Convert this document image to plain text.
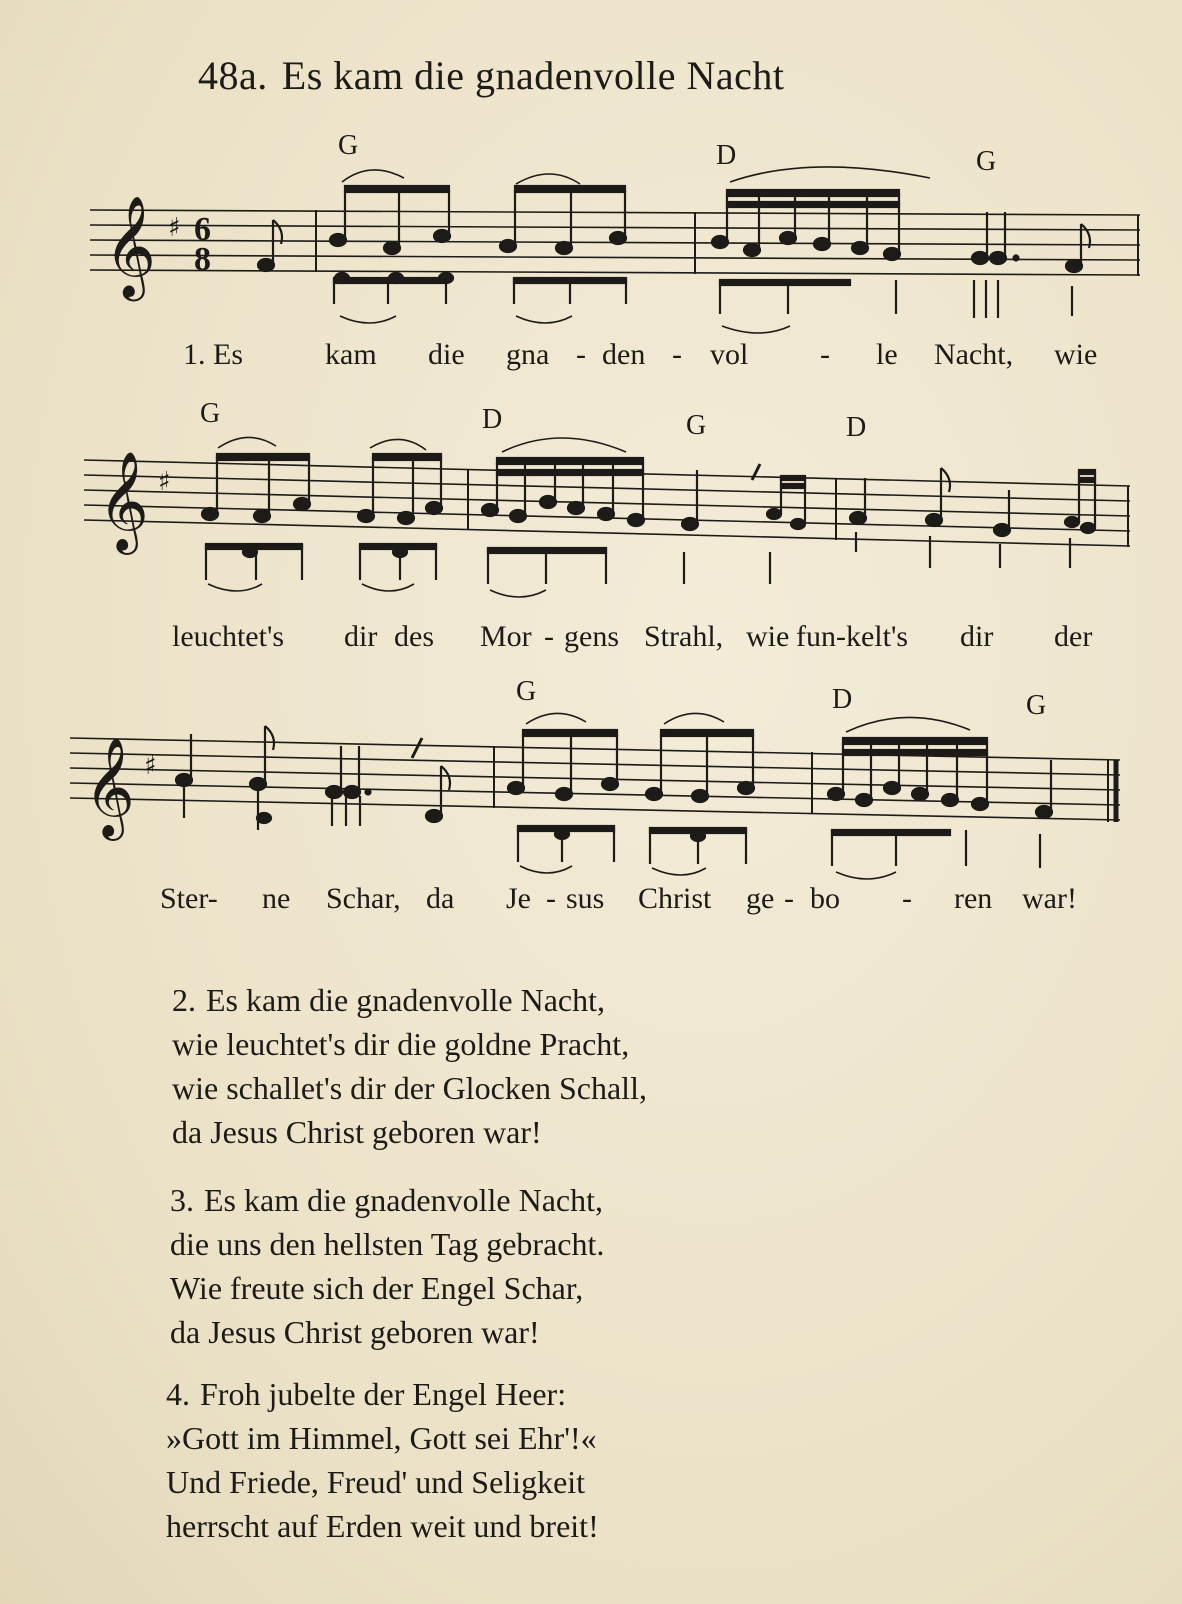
48a. Es kam die gnadenvolle Nacht
G	D	G
𝄞 ♯ 6
8
1. Es	kam die gna - den - vol - le Nacht, wie
G	D	G	D
𝄞 ♯
leuchtet's dir des Mor - gens Strahl, wie fun-kelt's dir der
G	D	G
𝄞 ♯
Ster- ne Schar, da Je - sus Christ ge - bo - ren war!
2. Es kam die gnadenvolle Nacht,
wie leuchtet's dir die goldne Pracht,
wie schallet's dir der Glocken Schall,
da Jesus Christ geboren war!
3. Es kam die gnadenvolle Nacht,
die uns den hellsten Tag gebracht.
Wie freute sich der Engel Schar,
da Jesus Christ geboren war!
4. Froh jubelte der Engel Heer:
»Gott im Himmel, Gott sei Ehr'!«
Und Friede, Freud' und Seligkeit
herrscht auf Erden weit und breit!
